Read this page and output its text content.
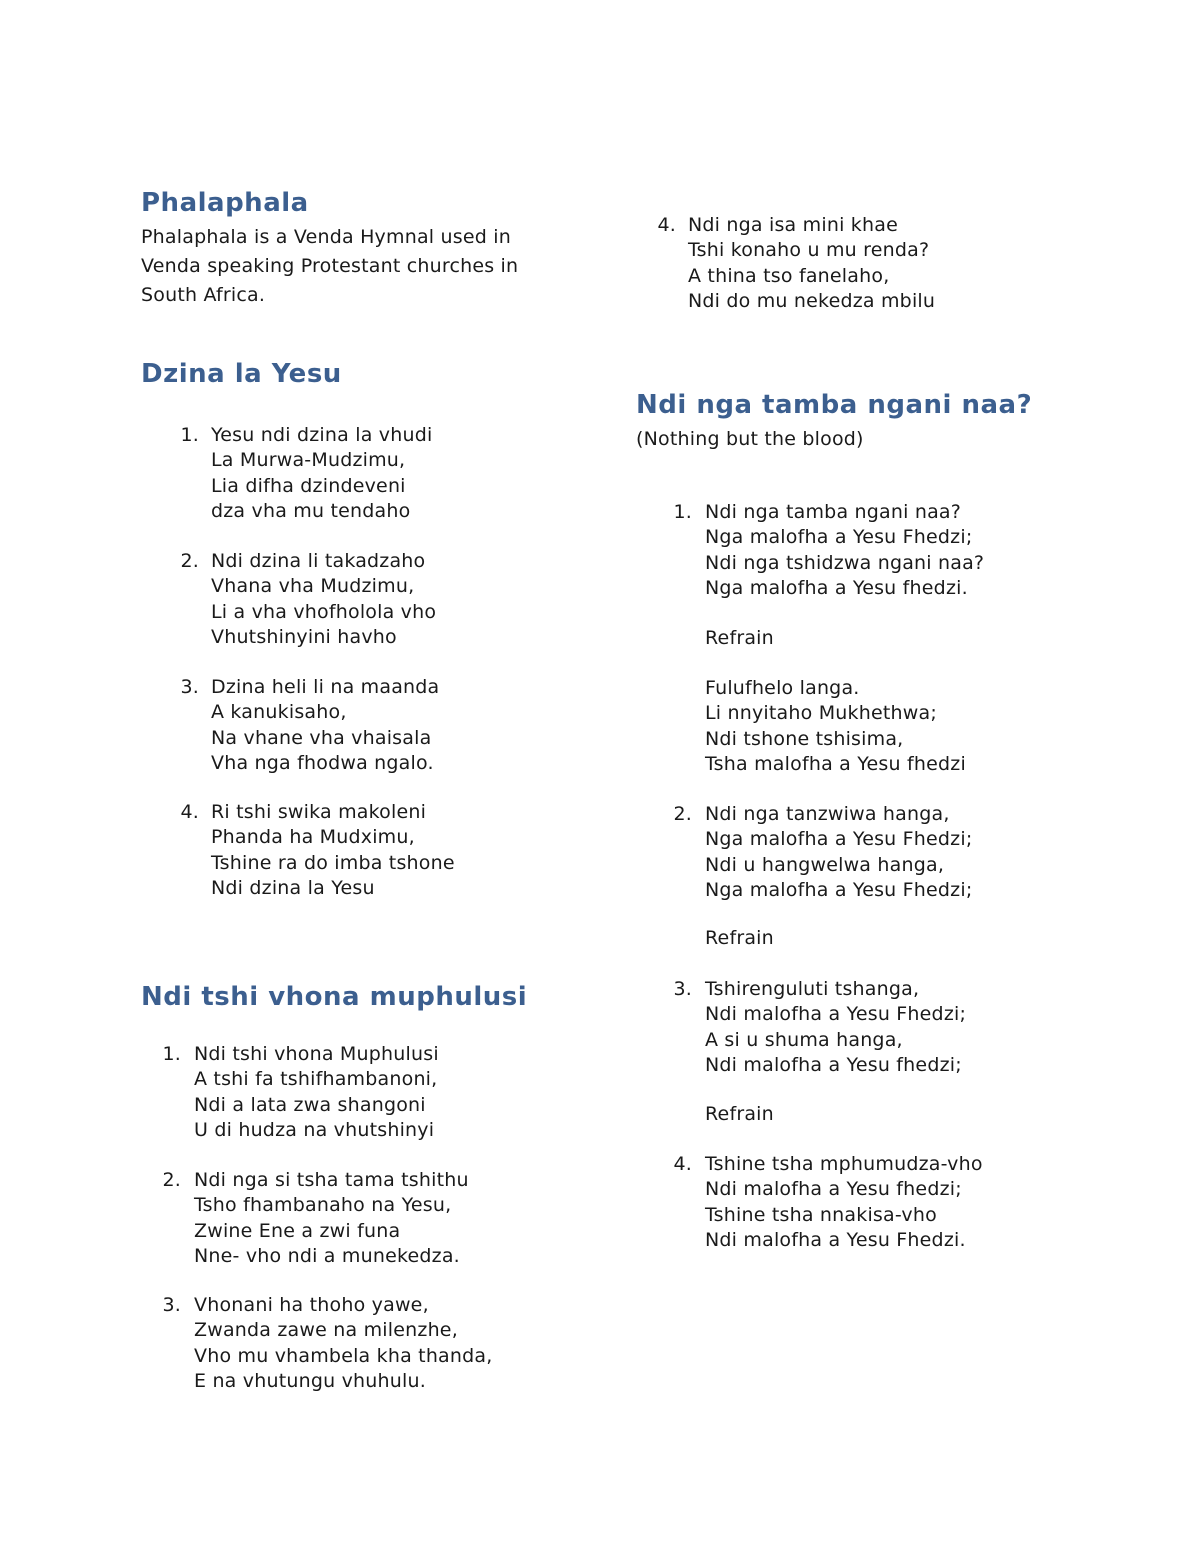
Phalaphala
Phalaphala is a Venda Hymnal used in
Venda speaking Protestant churches in
South Africa.
Dzina la Yesu
1. Yesu ndi dzina la vhudi
La Murwa-Mudzimu,
Lia difha dzindeveni
dza vha mu tendaho
2. Ndi dzina li takadzaho
Vhana vha Mudzimu,
Li a vha vhofholola vho
Vhutshinyini havho
3. Dzina heli li na maanda
A kanukisaho,
Na vhane vha vhaisala
Vha nga fhodwa ngalo.
4. Ri tshi swika makoleni
Phanda ha Mudximu,
Tshine ra do imba tshone
Ndi dzina la Yesu
Ndi tshi vhona muphulusi
1. Ndi tshi vhona Muphulusi
A tshi fa tshifhambanoni,
Ndi a lata zwa shangoni
U di hudza na vhutshinyi
2. Ndi nga si tsha tama tshithu
Tsho fhambanaho na Yesu,
Zwine Ene a zwi funa
Nne- vho ndi a munekedza.
3. Vhonani ha thoho yawe,
Zwanda zawe na milenzhe,
Vho mu vhambela kha thanda,
E na vhutungu vhuhulu.
4. Ndi nga isa mini khae
Tshi konaho u mu renda?
A thina tso fanelaho,
Ndi do mu nekedza mbilu
Ndi nga tamba ngani naa?
(Nothing but the blood)
1. Ndi nga tamba ngani naa?
Nga malofha a Yesu Fhedzi;
Ndi nga tshidzwa ngani naa?
Nga malofha a Yesu fhedzi.
Refrain
Fulufhelo langa.
Li nnyitaho Mukhethwa;
Ndi tshone tshisima,
Tsha malofha a Yesu fhedzi
2. Ndi nga tanzwiwa hanga,
Nga malofha a Yesu Fhedzi;
Ndi u hangwelwa hanga,
Nga malofha a Yesu Fhedzi;
Refrain
3. Tshirenguluti tshanga,
Ndi malofha a Yesu Fhedzi;
A si u shuma hanga,
Ndi malofha a Yesu fhedzi;
Refrain
4. Tshine tsha mphumudza-vho
Ndi malofha a Yesu fhedzi;
Tshine tsha nnakisa-vho
Ndi malofha a Yesu Fhedzi.
